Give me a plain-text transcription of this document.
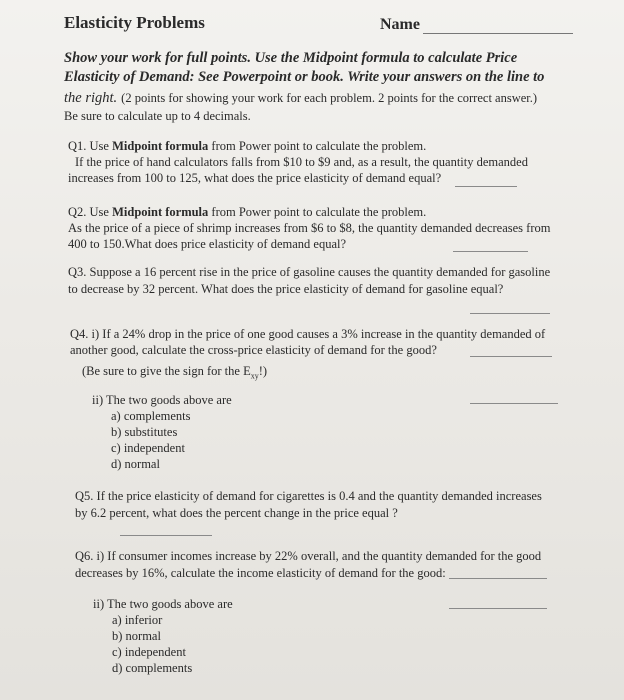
Elasticity Problems	Name
Show your work for full points. Use the Midpoint formula to calculate Price
Elasticity of Demand: See Powerpoint or book. Write your answers on the line to
the right. (2 points for showing your work for each problem. 2 points for the correct answer.)
Be sure to calculate up to 4 decimals.
Q1. Use Midpoint formula from Power point to calculate the problem.
If the price of hand calculators falls from $10 to $9 and, as a result, the quantity demanded
increases from 100 to 125, what does the price elasticity of demand equal?
Q2. Use Midpoint formula from Power point to calculate the problem.
As the price of a piece of shrimp increases from $6 to $8, the quantity demanded decreases from
400 to 150.What does price elasticity of demand equal?
Q3. Suppose a 16 percent rise in the price of gasoline causes the quantity demanded for gasoline
to decrease by 32 percent. What does the price elasticity of demand for gasoline equal?
Q4. i) If a 24% drop in the price of one good causes a 3% increase in the quantity demanded of
another good, calculate the cross-price elasticity of demand for the good?
(Be sure to give the sign for the $E_{xy}$!)
ii) The two goods above are
a) complements
b) substitutes
c) independent
d) normal
Q5. If the price elasticity of demand for cigarettes is 0.4 and the quantity demanded increases
by 6.2 percent, what does the percent change in the price equal ?
Q6. i) If consumer incomes increase by 22% overall, and the quantity demanded for the good
decreases by 16%, calculate the income elasticity of demand for the good:
ii) The two goods above are
a) inferior
b) normal
c) independent
d) complements
